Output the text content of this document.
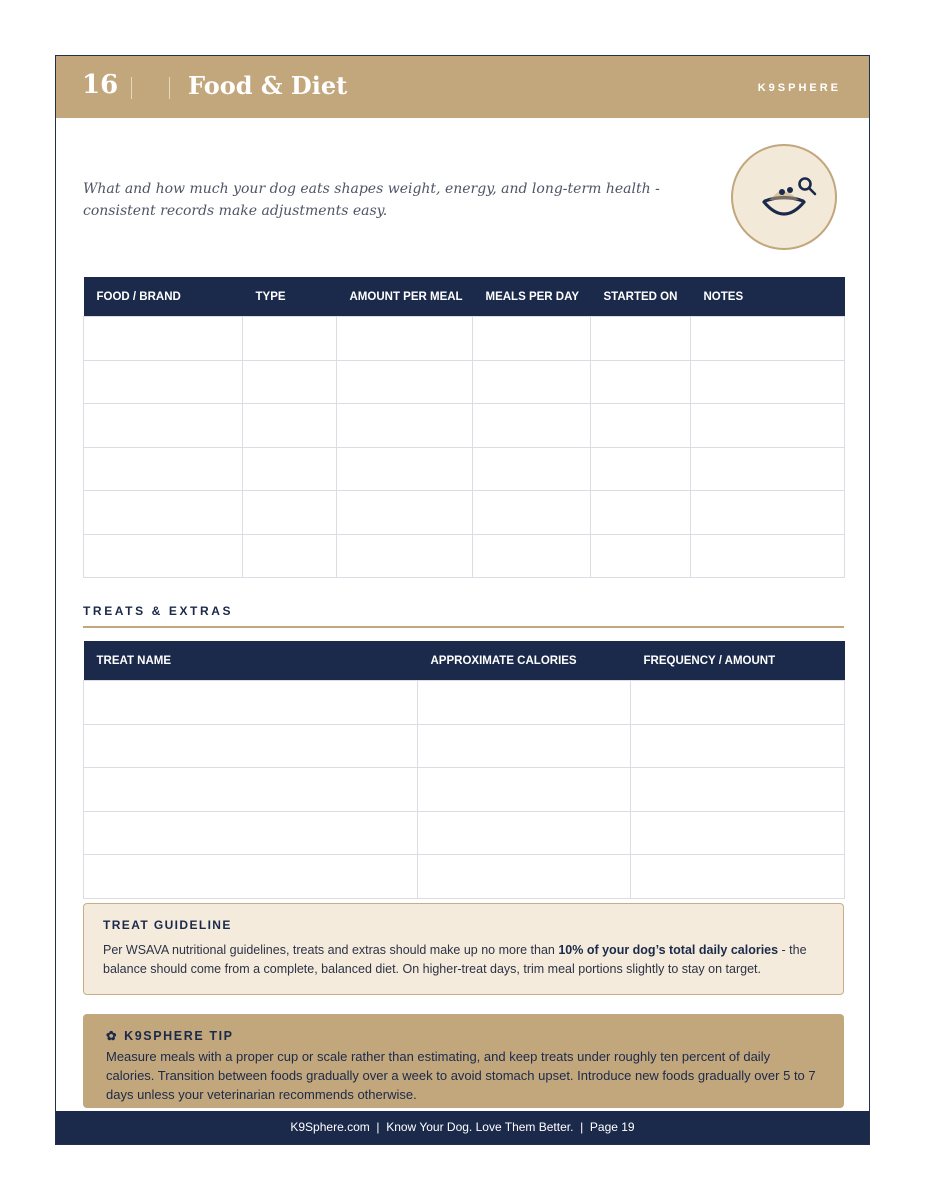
16	Food & Diet	K9SPHERE
What and how much your dog eats shapes weight, energy, and long-term health - consistent records make adjustments easy.
FOOD / BRAND	TYPE	AMOUNT PER MEAL	MEALS PER DAY	STARTED ON	NOTES

TREATS & EXTRAS
TREAT NAME	APPROXIMATE CALORIES	FREQUENCY / AMOUNT

TREAT GUIDELINE
Per WSAVA nutritional guidelines, treats and extras should make up no more than 10% of your dog’s total daily calories - the balance should come from a complete, balanced diet. On higher-treat days, trim meal portions slightly to stay on target.
✿ K9SPHERE TIP
Measure meals with a proper cup or scale rather than estimating, and keep treats under roughly ten percent of daily calories. Transition between foods gradually over a week to avoid stomach upset. Introduce new foods gradually over 5 to 7 days unless your veterinarian recommends otherwise.
K9Sphere.com  |  Know Your Dog. Love Them Better.  |  Page 19
